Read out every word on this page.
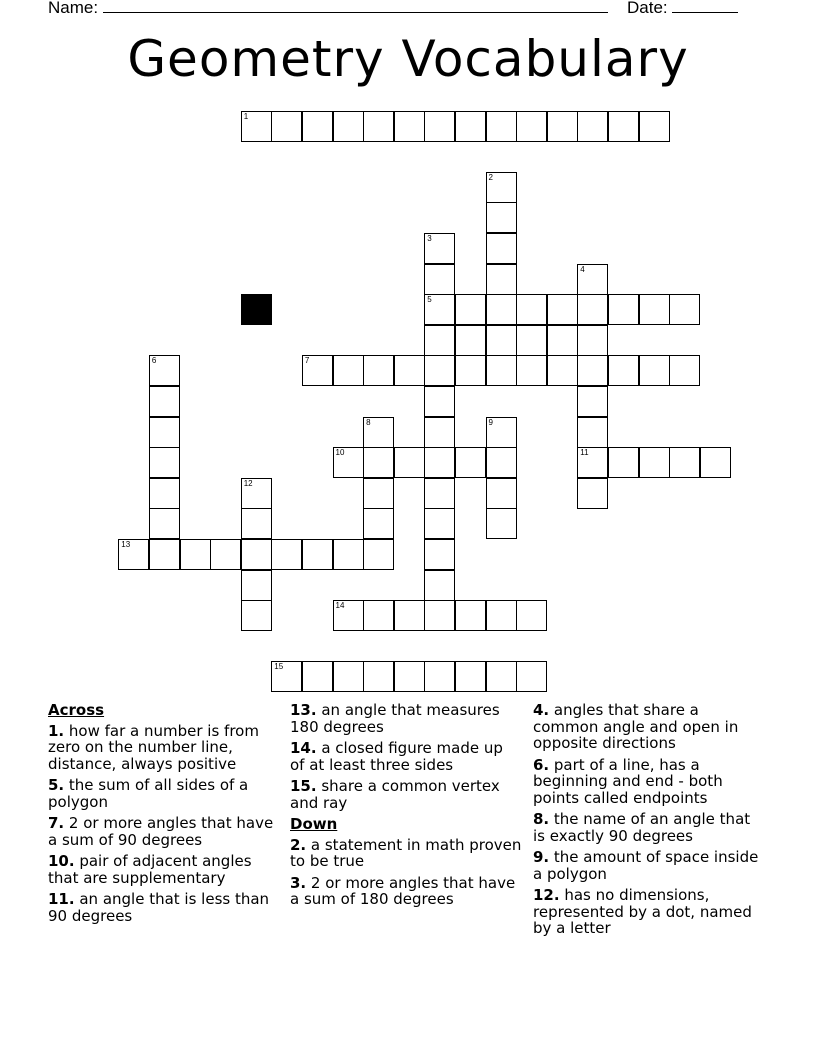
Name:	Date:
Geometry Vocabulary
1
2
3
4
5
6	7
8	9
10	11
12
13
14
15
Across
1. how far a number is from zero on the number line, distance, always positive
5. the sum of all sides of a polygon
7. 2 or more angles that have a sum of 90 degrees
10. pair of adjacent angles that are supplementary
11. an angle that is less than 90 degrees
13. an angle that measures 180 degrees
14. a closed figure made up of at least three sides
15. share a common vertex and ray
Down
2. a statement in math proven to be true
3. 2 or more angles that have a sum of 180 degrees
4. angles that share a common angle and open in opposite directions
6. part of a line, has a beginning and end - both points called endpoints
8. the name of an angle that is exactly 90 degrees
9. the amount of space inside a polygon
12. has no dimensions, represented by a dot, named by a letter
